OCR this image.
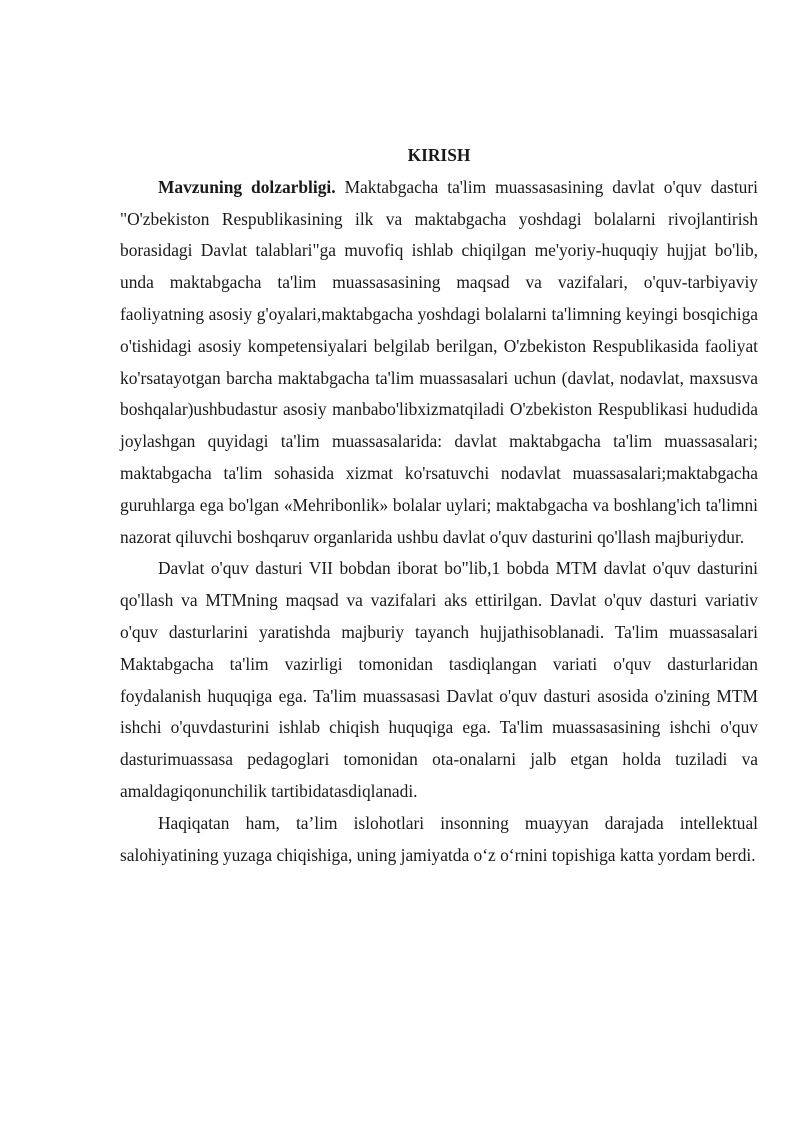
KIRISH

Mavzuning dolzarbligi. Maktabgacha ta'lim muassasasining davlat o'quv dasturi "O'zbekiston Respublikasining ilk va maktabgacha yoshdagi bolalarni rivojlantirish borasidagi Davlat talablari"ga muvofiq ishlab chiqilgan me'yoriy-huquqiy hujjat bo'lib, unda maktabgacha ta'lim muassasasining maqsad va vazifalari, o'quv-tarbiyaviy faoliyatning asosiy g'oyalari,maktabgacha yoshdagi bolalarni ta'limning keyingi bosqichiga o'tishidagi asosiy kompetensiyalari belgilab berilgan, O'zbekiston Respublikasida faoliyat ko'rsatayotgan barcha maktabgacha ta'lim muassasalari uchun (davlat, nodavlat, maxsusva boshqalar)ushbudastur asosiy manbabo'libxizmatqiladi O'zbekiston Respublikasi hududida joylashgan quyidagi ta'lim muassasalarida: davlat maktabgacha ta'lim muassasalari; maktabgacha ta'lim sohasida xizmat ko'rsatuvchi nodavlat muassasalari;maktabgacha guruhlarga ega bo'lgan «Mehribonlik» bolalar uylari; maktabgacha va boshlang'ich ta'limni nazorat qiluvchi boshqaruv organlarida ushbu davlat o'quv dasturini qo'llash majburiydur.

Davlat o'quv dasturi VII bobdan iborat bo"lib,1 bobda MTM davlat o'quv dasturini qo'llash va MTMning maqsad va vazifalari aks ettirilgan. Davlat o'quv dasturi variativ o'quv dasturlarini yaratishda majburiy tayanch hujjathisoblanadi. Ta'lim muassasalari Maktabgacha ta'lim vazirligi tomonidan tasdiqlangan variati o'quv dasturlaridan foydalanish huquqiga ega. Ta'lim muassasasi Davlat o'quv dasturi asosida o'zining MTM ishchi o'quvdasturini ishlab chiqish huquqiga ega. Ta'lim muassasasining ishchi o'quv dasturimuassasa pedagoglari tomonidan ota-onalarni jalb etgan holda tuziladi va amaldagiqonunchilik tartibidatasdiqlanadi.

Haqiqatan ham, ta’lim islohotlari insonning muayyan darajada intellektual salohiyatining yuzaga chiqishiga, uning jamiyatda o‘z o‘rnini topishiga katta yordam berdi.
